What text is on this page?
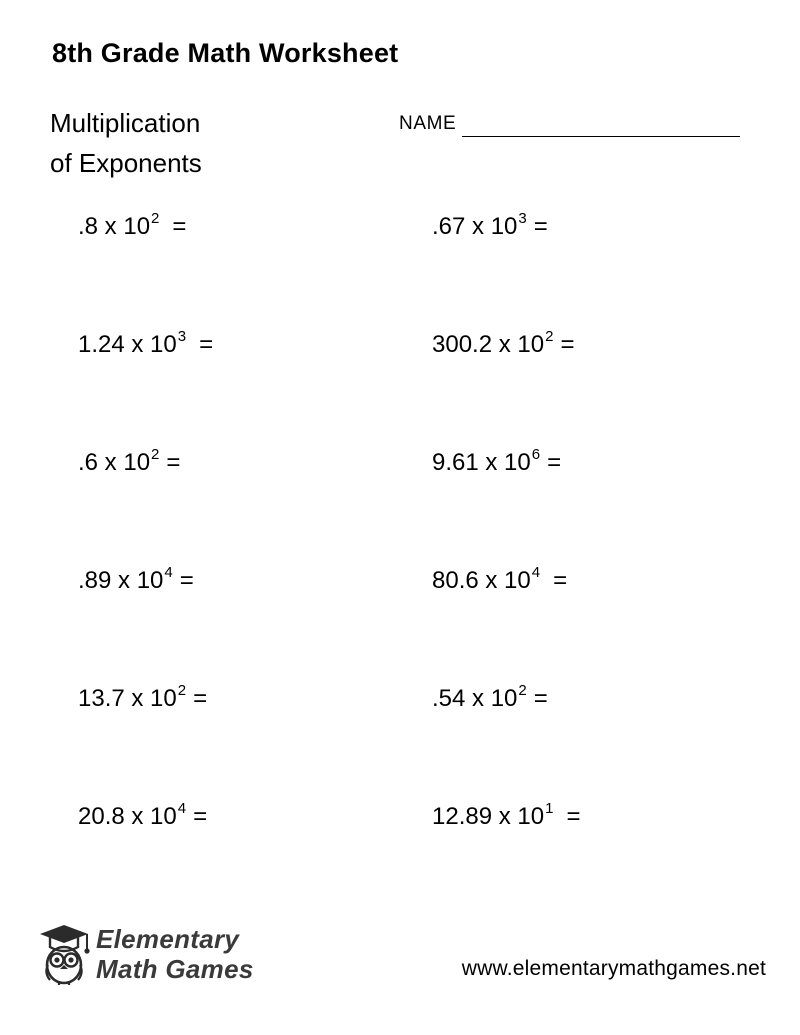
8th Grade Math Worksheet
Multiplication
of Exponents
NAME
.8 x $10^2$ =	.67 x $10^3$ =
1.24 x $10^3$ =	300.2 x $10^2$ =
.6 x $10^2$ =	9.61 x $10^6$ =
.89 x $10^4$ =	80.6 x $10^4$ =
13.7 x $10^2$ =	.54 x $10^2$ =
20.8 x $10^4$ =	12.89 x $10^1$ =
Elementary
Math Games	www.elementarymathgames.net
